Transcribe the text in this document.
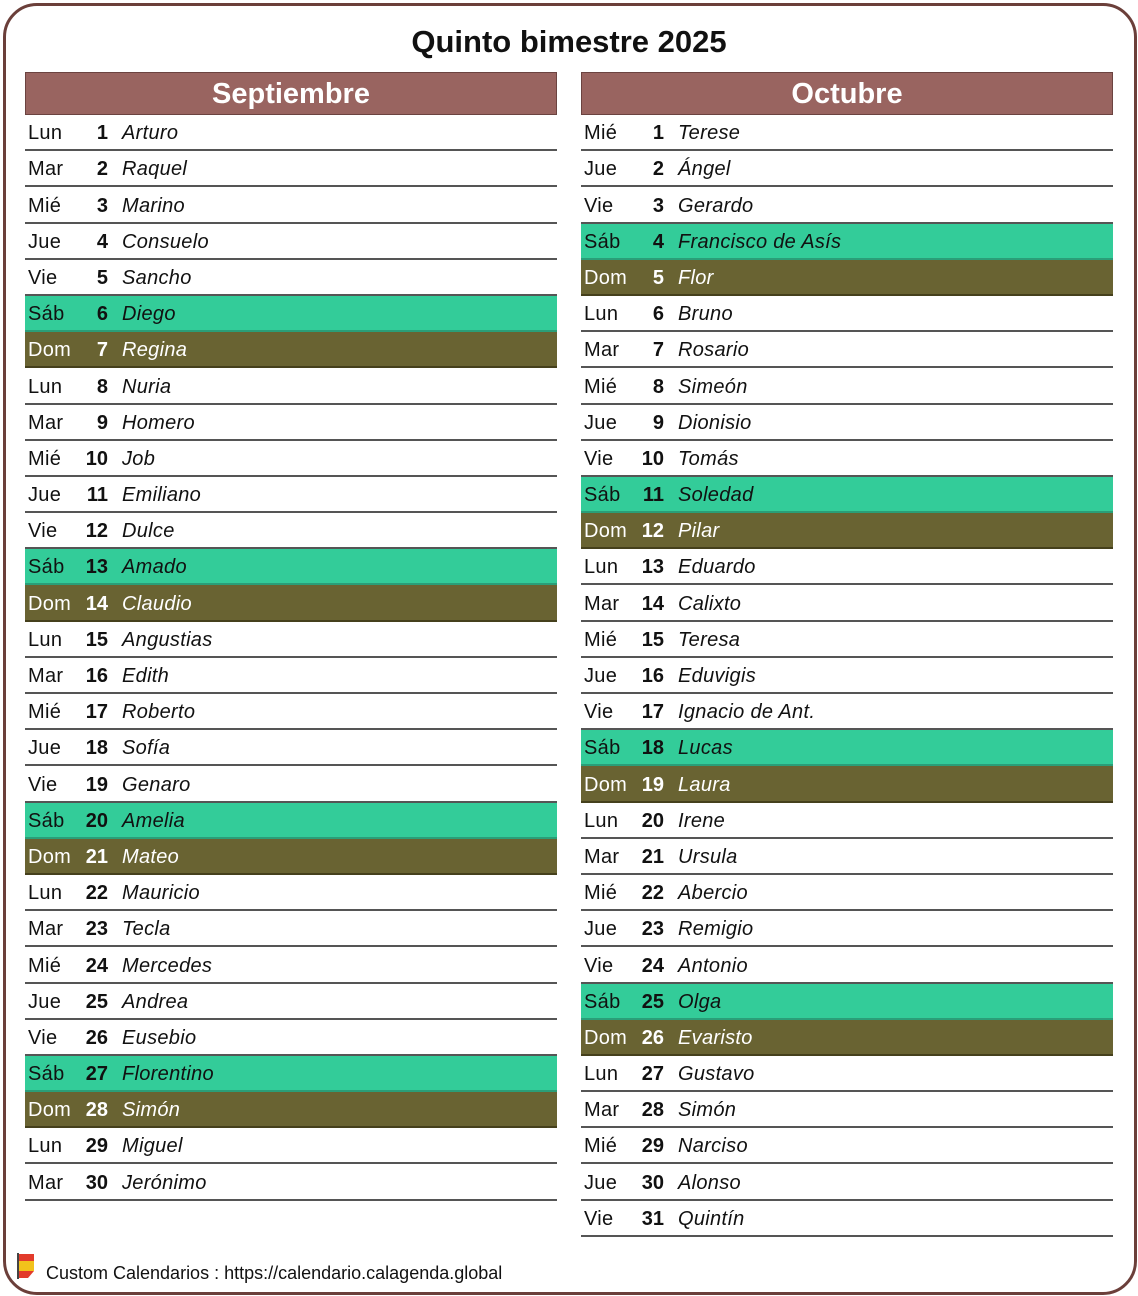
Quinto bimestre 2025
Septiembre
Lun	1 Arturo
Mar	2 Raquel
Mié	3 Marino
Jue	4 Consuelo
Vie	5 Sancho
Sáb	6 Diego
Dom	7 Regina
Lun	8 Nuria
Mar	9 Homero
Mié	10 Job
Jue	11 Emiliano
Vie	12 Dulce
Sáb	13 Amado
Dom 14 Claudio
Lun	15 Angustias
Mar	16 Edith
Mié	17 Roberto
Jue	18 Sofía
Vie	19 Genaro
Sáb	20 Amelia
Dom 21 Mateo
Lun	22 Mauricio
Mar	23 Tecla
Mié	24 Mercedes
Jue	25 Andrea
Vie	26 Eusebio
Sáb	27 Florentino
Dom 28 Simón
Lun	29 Miguel
Mar	30 Jerónimo
Octubre
Mié	1 Terese
Jue	2 Ángel
Vie	3 Gerardo
Sáb	4 Francisco de Asís
Dom	5 Flor
Lun	6 Bruno
Mar	7 Rosario
Mié	8 Simeón
Jue	9 Dionisio
Vie	10 Tomás
Sáb	11 Soledad
Dom 12 Pilar
Lun	13 Eduardo
Mar	14 Calixto
Mié	15 Teresa
Jue	16 Eduvigis
Vie	17 Ignacio de Ant.
Sáb	18 Lucas
Dom 19 Laura
Lun	20 Irene
Mar	21 Ursula
Mié	22 Abercio
Jue	23 Remigio
Vie	24 Antonio
Sáb	25 Olga
Dom 26 Evaristo
Lun	27 Gustavo
Mar	28 Simón
Mié	29 Narciso
Jue	30 Alonso
Vie	31 Quintín
Custom Calendarios : https://calendario.calagenda.global
